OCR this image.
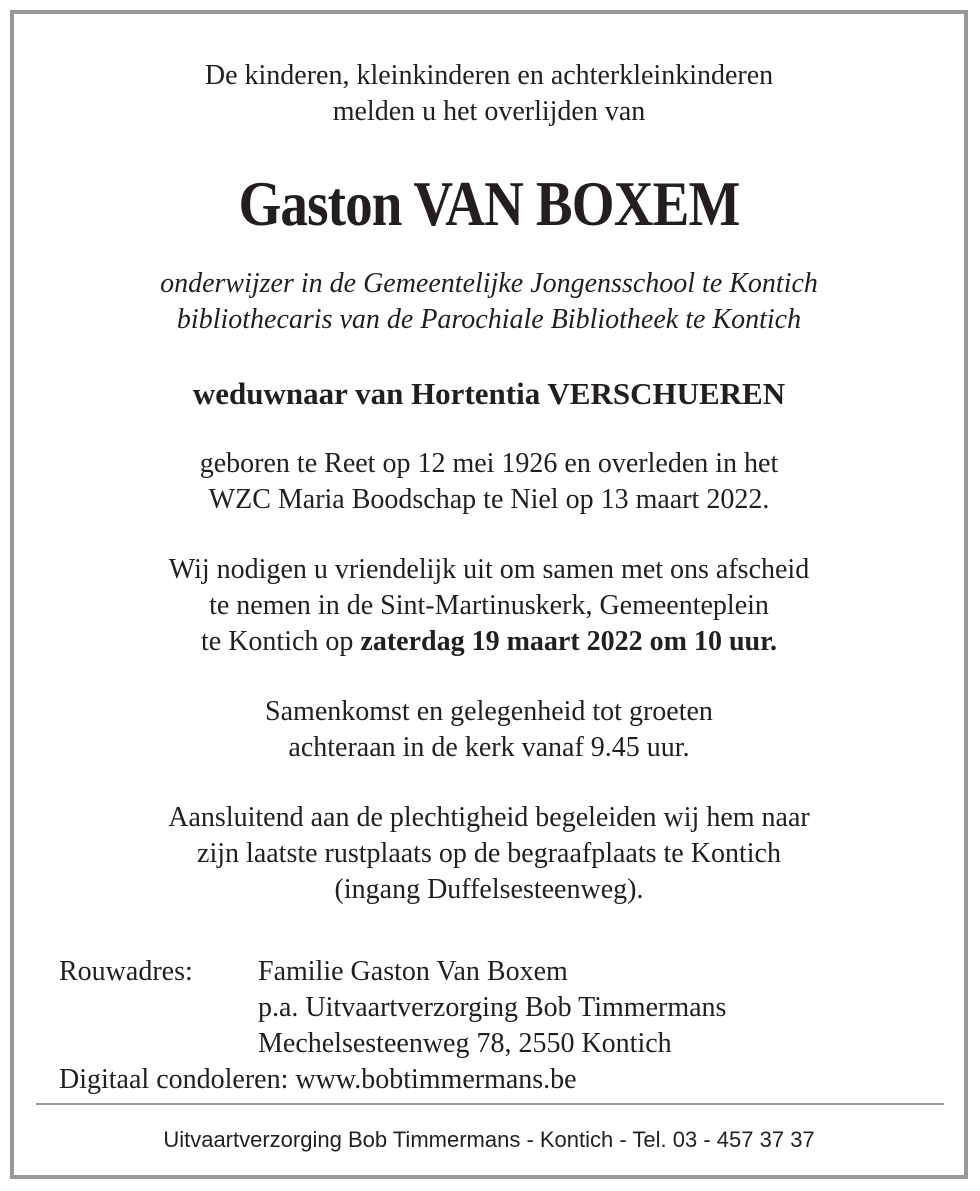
De kinderen, kleinkinderen en achterkleinkinderen
melden u het overlijden van
Gaston VAN BOXEM
onderwijzer in de Gemeentelijke Jongensschool te Kontich
bibliothecaris van de Parochiale Bibliotheek te Kontich
weduwnaar van Hortentia VERSCHUEREN
geboren te Reet op 12 mei 1926 en overleden in het
WZC Maria Boodschap te Niel op 13 maart 2022.
Wij nodigen u vriendelijk uit om samen met ons afscheid
te nemen in de Sint-Martinuskerk, Gemeenteplein
te Kontich op zaterdag 19 maart 2022 om 10 uur.
Samenkomst en gelegenheid tot groeten
achteraan in de kerk vanaf 9.45 uur.
Aansluitend aan de plechtigheid begeleiden wij hem naar
zijn laatste rustplaats op de begraafplaats te Kontich
(ingang Duffelsesteenweg).
Rouwadres: Familie Gaston Van Boxem
p.a. Uitvaartverzorging Bob Timmermans
Mechelsesteenweg 78, 2550 Kontich
Digitaal condoleren: www.bobtimmermans.be
Uitvaartverzorging Bob Timmermans - Kontich - Tel. 03 - 457 37 37
